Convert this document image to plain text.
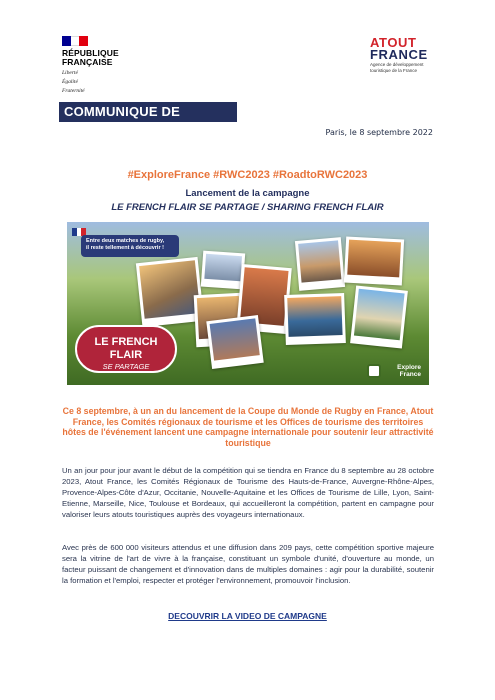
RÉPUBLIQUE
FRANÇAISE
Liberté
Égalité
Fraternité
ATOUT
FRANCE
Agence de développement
touristique de la France
COMMUNIQUE DE PRESSE	Paris, le 8 septembre 2022
#ExploreFrance #RWC2023 #RoadtoRWC2023
Lancement de la campagne
LE FRENCH FLAIR SE PARTAGE / SHARING FRENCH FLAIR
Entre deux matches de rugby,
il reste tellement à découvrir !
LE FRENCH FLAIR
SE PARTAGE	Explore
France
Ce 8 septembre, à un an du lancement de la Coupe du Monde de Rugby en France, Atout France, les Comités régionaux de tourisme et les Offices de tourisme des territoires hôtes de l'événement lancent une campagne internationale pour soutenir leur attractivité touristique
Un an jour pour jour avant le début de la compétition qui se tiendra en France du 8 septembre au 28 octobre 2023, Atout France, les Comités Régionaux de Tourisme des Hauts-de-France, Auvergne-Rhône-Alpes, Provence-Alpes-Côte d'Azur, Occitanie, Nouvelle-Aquitaine et les Offices de Tourisme de Lille, Lyon, Saint-Etienne, Marseille, Nice, Toulouse et Bordeaux, qui accueilleront la compétition, partent en campagne pour valoriser leurs atouts touristiques auprès des voyageurs internationaux.
Avec près de 600 000 visiteurs attendus et une diffusion dans 209 pays, cette compétition sportive majeure sera la vitrine de l'art de vivre à la française, constituant un symbole d'unité, d'ouverture au monde, un facteur puissant de changement et d'innovation dans de multiples domaines : agir pour la durabilité, soutenir la formation et l'emploi, respecter et protéger l'environnement, promouvoir l'inclusion.
DECOUVRIR LA VIDEO DE CAMPAGNE
